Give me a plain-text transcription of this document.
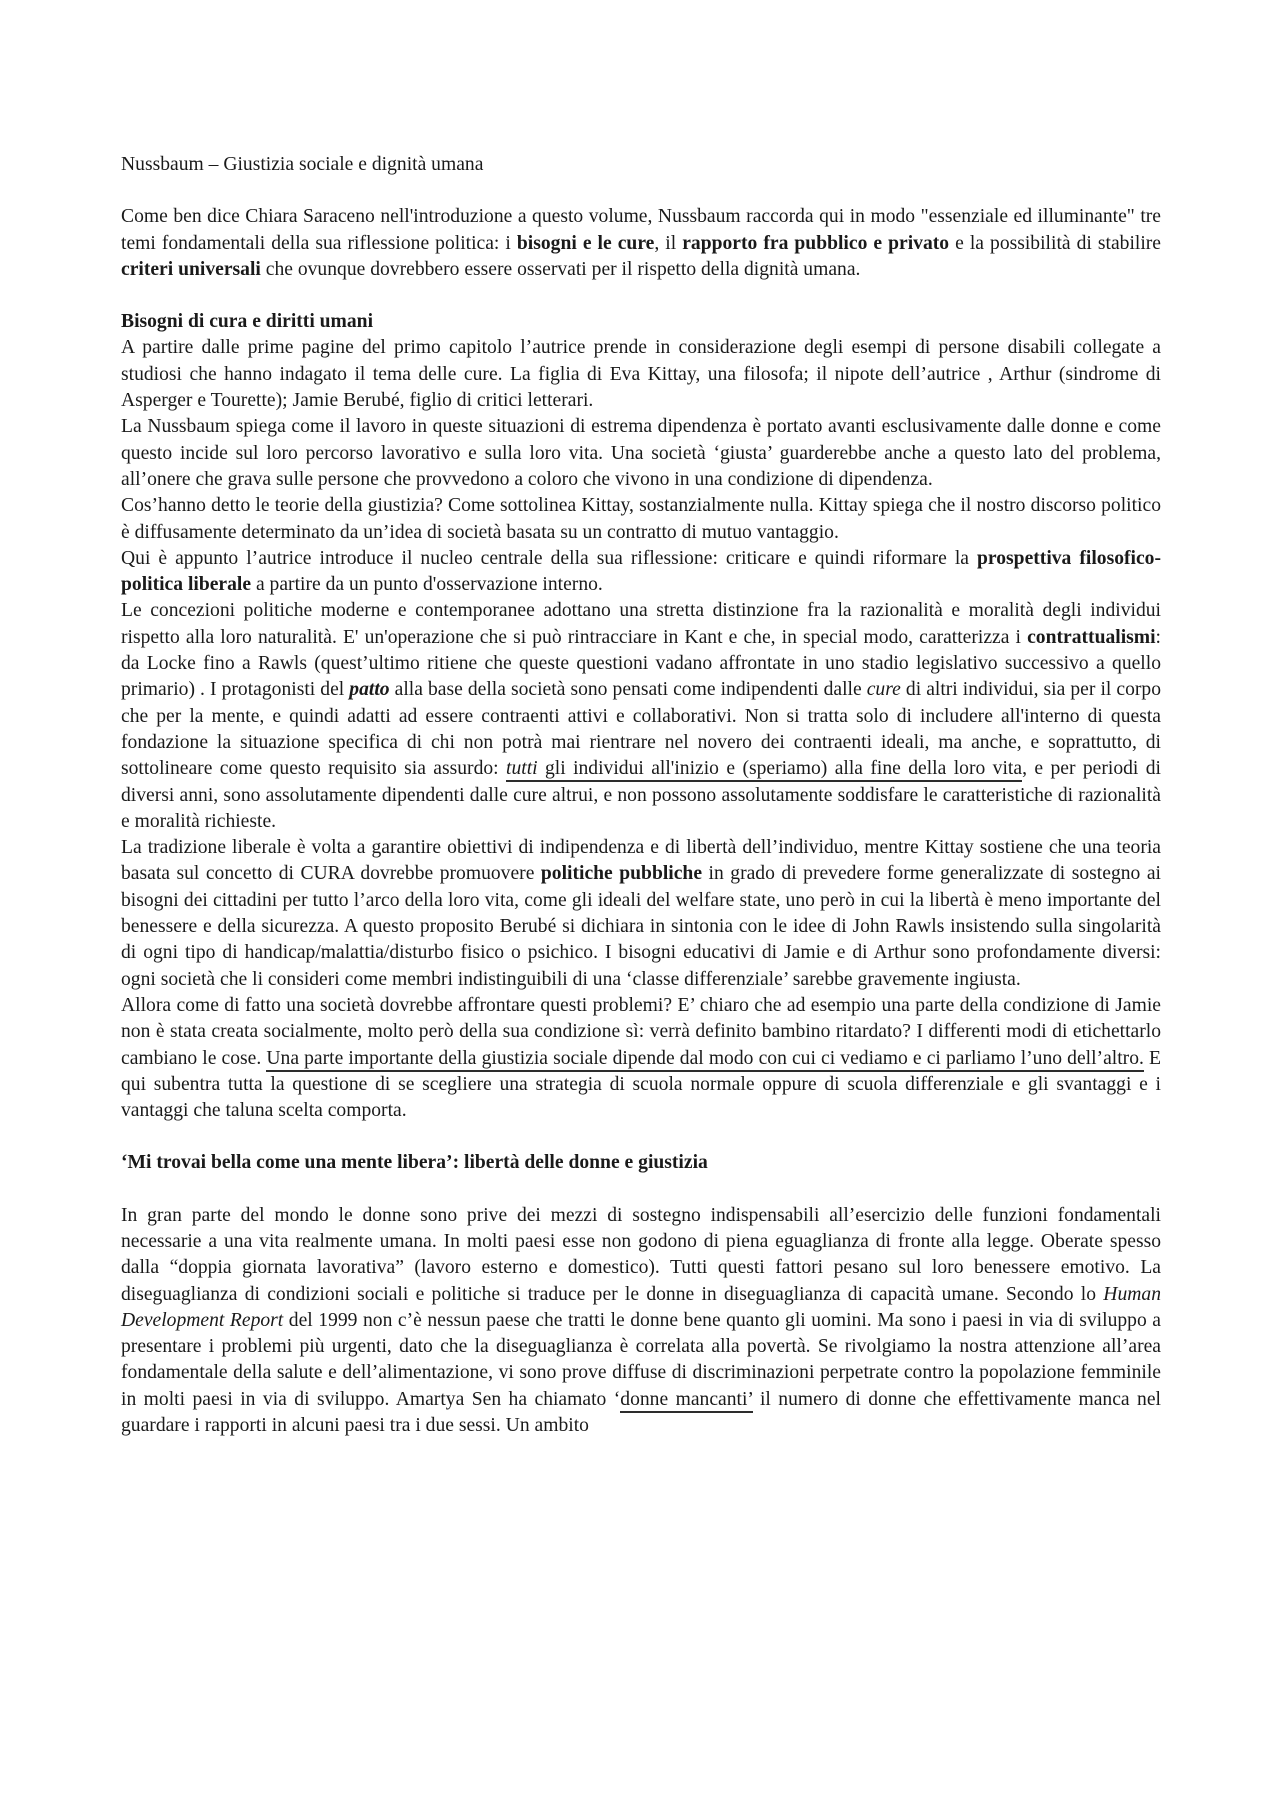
Nussbaum – Giustizia sociale e dignità umana

Come ben dice Chiara Saraceno nell'introduzione a questo volume, Nussbaum raccorda qui in modo "essenziale ed illuminante" tre temi fondamentali della sua riflessione politica: i bisogni e le cure, il rapporto fra pubblico e privato e la possibilità di stabilire criteri universali che ovunque dovrebbero essere osservati per il rispetto della dignità umana.

Bisogni di cura e diritti umani

A partire dalle prime pagine del primo capitolo l’autrice prende in considerazione degli esempi di persone disabili collegate a studiosi che hanno indagato il tema delle cure. La figlia di Eva Kittay, una filosofa; il nipote dell’autrice , Arthur (sindrome di Asperger e Tourette); Jamie Berubé, figlio di critici letterari.

La Nussbaum spiega come il lavoro in queste situazioni di estrema dipendenza è portato avanti esclusivamente dalle donne e come questo incide sul loro percorso lavorativo e sulla loro vita. Una società ‘giusta’ guarderebbe anche a questo lato del problema, all’onere che grava sulle persone che provvedono a coloro che vivono in una condizione di dipendenza.

Cos’hanno detto le teorie della giustizia? Come sottolinea Kittay, sostanzialmente nulla. Kittay spiega che il nostro discorso politico è diffusamente determinato da un’idea di società basata su un contratto di mutuo vantaggio.

Qui è appunto l’autrice introduce il nucleo centrale della sua riflessione: criticare e quindi riformare la prospettiva filosofico-politica liberale a partire da un punto d'osservazione interno.

Le concezioni politiche moderne e contemporanee adottano una stretta distinzione fra la razionalità e moralità degli individui rispetto alla loro naturalità. E' un'operazione che si può rintracciare in Kant e che, in special modo, caratterizza i contrattualismi: da Locke fino a Rawls (quest’ultimo ritiene che queste questioni vadano affrontate in uno stadio legislativo successivo a quello primario) . I protagonisti del patto alla base della società sono pensati come indipendenti dalle cure di altri individui, sia per il corpo che per la mente, e quindi adatti ad essere contraenti attivi e collaborativi. Non si tratta solo di includere all'interno di questa fondazione la situazione specifica di chi non potrà mai rientrare nel novero dei contraenti ideali, ma anche, e soprattutto, di sottolineare come questo requisito sia assurdo: tutti gli individui all'inizio e (speriamo) alla fine della loro vita, e per periodi di diversi anni, sono assolutamente dipendenti dalle cure altrui, e non possono assolutamente soddisfare le caratteristiche di razionalità e moralità richieste.

La tradizione liberale è volta a garantire obiettivi di indipendenza e di libertà dell’individuo, mentre Kittay sostiene che una teoria basata sul concetto di CURA dovrebbe promuovere politiche pubbliche in grado di prevedere forme generalizzate di sostegno ai bisogni dei cittadini per tutto l’arco della loro vita, come gli ideali del welfare state, uno però in cui la libertà è meno importante del benessere e della sicurezza. A questo proposito Berubé si dichiara in sintonia con le idee di John Rawls insistendo sulla singolarità di ogni tipo di handicap/malattia/disturbo fisico o psichico. I bisogni educativi di Jamie e di Arthur sono profondamente diversi: ogni società che li consideri come membri indistinguibili di una ‘classe differenziale’ sarebbe gravemente ingiusta.

Allora come di fatto una società dovrebbe affrontare questi problemi? E’ chiaro che ad esempio una parte della condizione di Jamie non è stata creata socialmente, molto però della sua condizione sì: verrà definito bambino ritardato? I differenti modi di etichettarlo cambiano le cose. Una parte importante della giustizia sociale dipende dal modo con cui ci vediamo e ci parliamo l’uno dell’altro. E qui subentra tutta la questione di se scegliere una strategia di scuola normale oppure di scuola differenziale e gli svantaggi e i vantaggi che taluna scelta comporta.

‘Mi trovai bella come una mente libera’: libertà delle donne e giustizia

In gran parte del mondo le donne sono prive dei mezzi di sostegno indispensabili all’esercizio delle funzioni fondamentali necessarie a una vita realmente umana. In molti paesi esse non godono di piena eguaglianza di fronte alla legge. Oberate spesso dalla “doppia giornata lavorativa” (lavoro esterno e domestico). Tutti questi fattori pesano sul loro benessere emotivo. La diseguaglianza di condizioni sociali e politiche si traduce per le donne in diseguaglianza di capacità umane. Secondo lo Human Development Report del 1999 non c’è nessun paese che tratti le donne bene quanto gli uomini. Ma sono i paesi in via di sviluppo a presentare i problemi più urgenti, dato che la diseguaglianza è correlata alla povertà. Se rivolgiamo la nostra attenzione all’area fondamentale della salute e dell’alimentazione, vi sono prove diffuse di discriminazioni perpetrate contro la popolazione femminile in molti paesi in via di sviluppo. Amartya Sen ha chiamato ‘donne mancanti’ il numero di donne che effettivamente manca nel guardare i rapporti in alcuni paesi tra i due sessi. Un ambito
